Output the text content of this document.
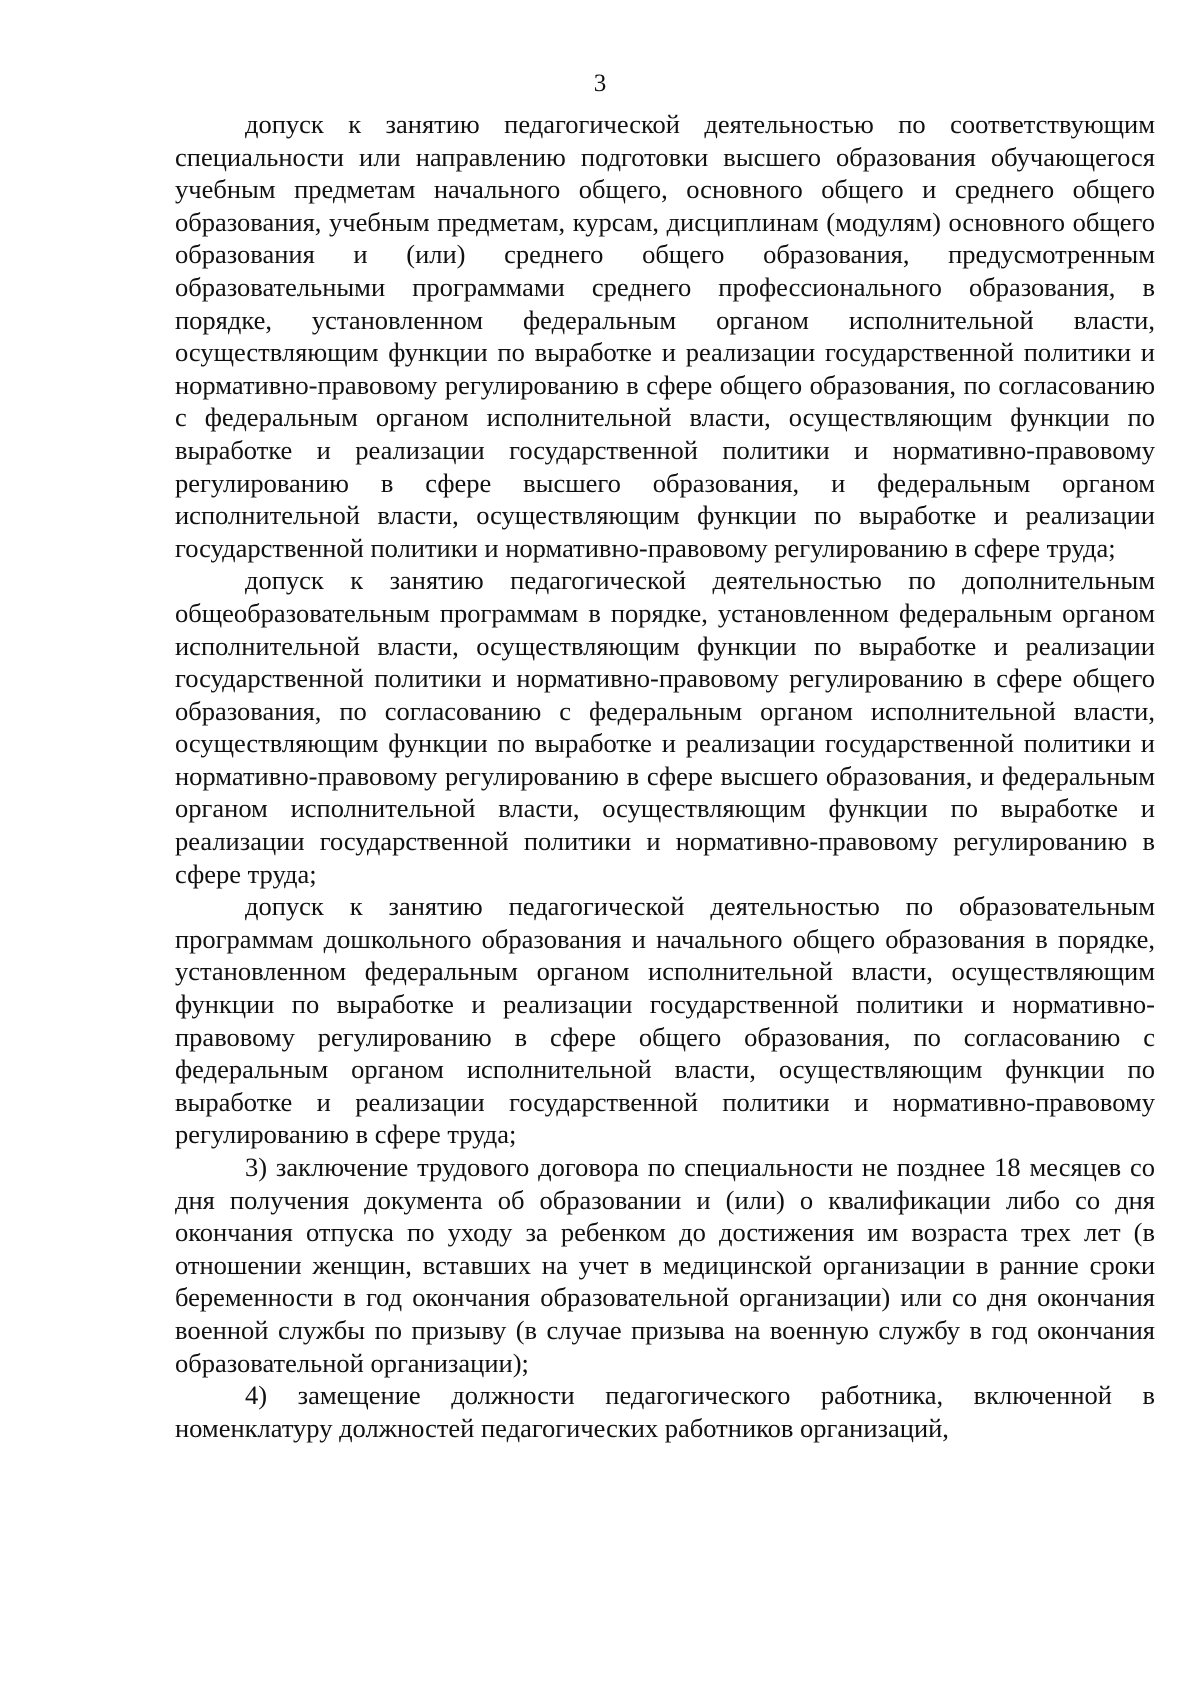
3

допуск к занятию педагогической деятельностью по соответствующим специальности или направлению подготовки высшего образования обучающегося учебным предметам начального общего, основного общего и среднего общего образования, учебным предметам, курсам, дисциплинам (модулям) основного общего образования и (или) среднего общего образования, предусмотренным образовательными программами среднего профессионального образования, в порядке, установленном федеральным органом исполнительной власти, осуществляющим функции по выработке и реализации государственной политики и нормативно-правовому регулированию в сфере общего образования, по согласованию с федеральным органом исполнительной власти, осуществляющим функции по выработке и реализации государственной политики и нормативно-правовому регулированию в сфере высшего образования, и федеральным органом исполнительной власти, осуществляющим функции по выработке и реализации государственной политики и нормативно-правовому регулированию в сфере труда;

допуск к занятию педагогической деятельностью по дополнительным общеобразовательным программам в порядке, установленном федеральным органом исполнительной власти, осуществляющим функции по выработке и реализации государственной политики и нормативно-правовому регулированию в сфере общего образования, по согласованию с федеральным органом исполнительной власти, осуществляющим функции по выработке и реализации государственной политики и нормативно-правовому регулированию в сфере высшего образования, и федеральным органом исполнительной власти, осуществляющим функции по выработке и реализации государственной политики и нормативно-правовому регулированию в сфере труда;

допуск к занятию педагогической деятельностью по образовательным программам дошкольного образования и начального общего образования в порядке, установленном федеральным органом исполнительной власти, осуществляющим функции по выработке и реализации государственной политики и нормативно-правовому регулированию в сфере общего образования, по согласованию с федеральным органом исполнительной власти, осуществляющим функции по выработке и реализации государственной политики и нормативно-правовому регулированию в сфере труда;

3) заключение трудового договора по специальности не позднее 18 месяцев со дня получения документа об образовании и (или) о квалификации либо со дня окончания отпуска по уходу за ребенком до достижения им возраста трех лет (в отношении женщин, вставших на учет в медицинской организации в ранние сроки беременности в год окончания образовательной организации) или со дня окончания военной службы по призыву (в случае призыва на военную службу в год окончания образовательной организации);

4) замещение должности педагогического работника, включенной в номенклатуру должностей педагогических работников организаций,
